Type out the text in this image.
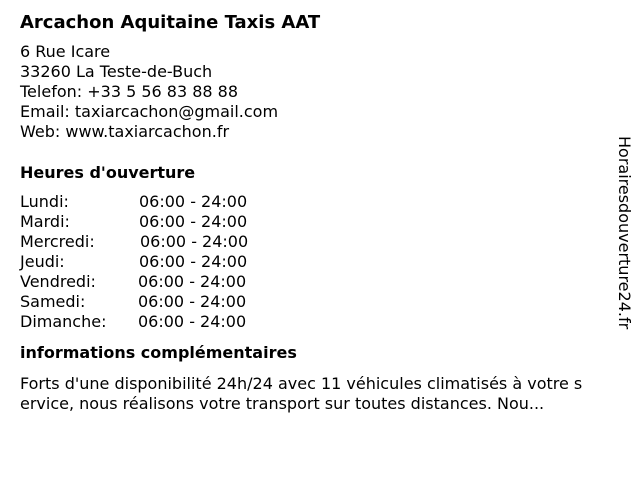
Arcachon Aquitaine Taxis AAT
6 Rue Icare
33260 La Teste-de-Buch
Telefon: +33 5 56 83 88 88
Email: taxiarcachon@gmail.com
Web: www.taxiarcachon.fr
Heures d'ouverture
Lundi:	06:00 - 24:00
Mardi:	06:00 - 24:00
Mercredi:	06:00 - 24:00
Jeudi:	06:00 - 24:00
Vendredi:	06:00 - 24:00
Samedi:	06:00 - 24:00
Dimanche: 06:00 - 24:00
informations complémentaires
Forts d'une disponibilité 24h/24 avec 11 véhicules climatisés à votre service, nous réalisons votre transport sur toutes distances. Nou...
Horairesdouverture24.fr
